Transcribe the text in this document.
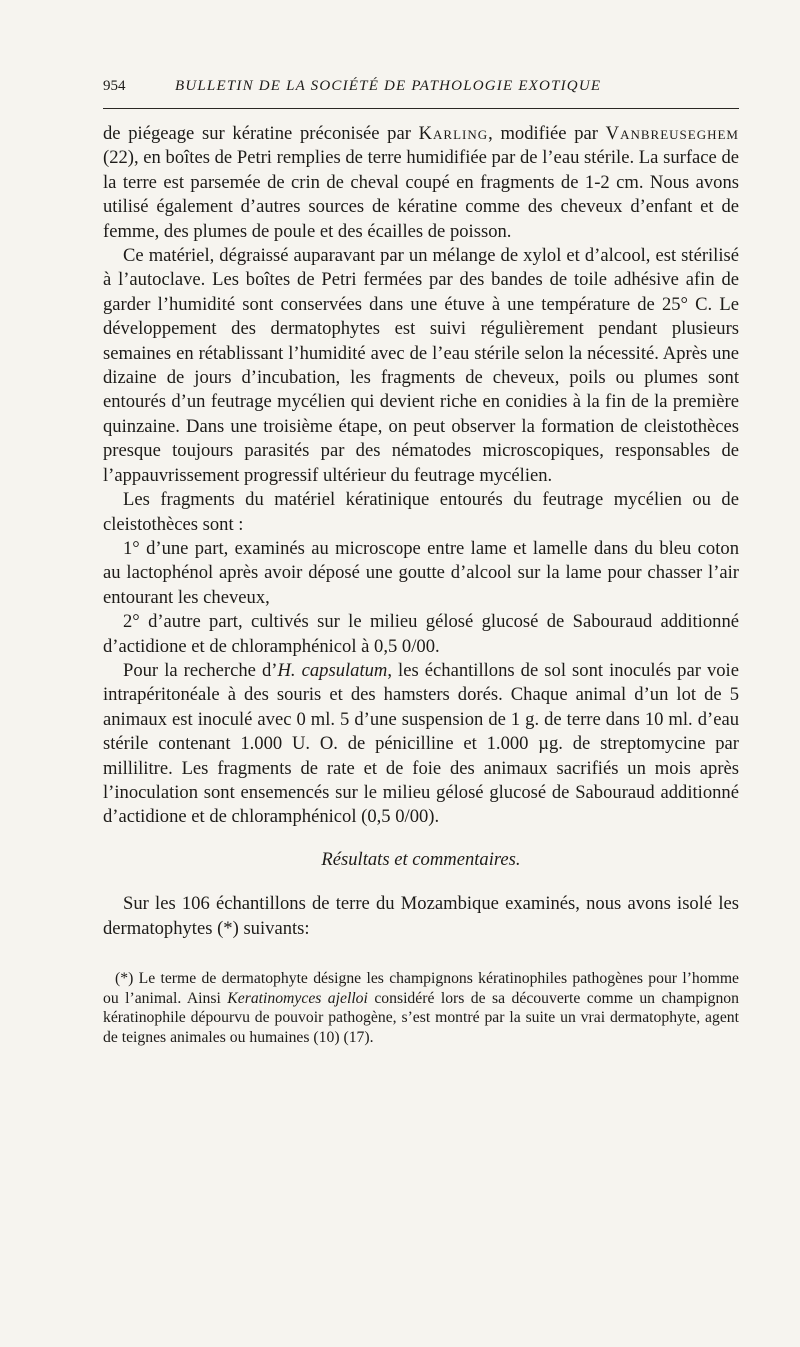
954	BULLETIN DE LA SOCIÉTÉ DE PATHOLOGIE EXOTIQUE

de piégeage sur kératine préconisée par Karling, modifiée par Vanbreuseghem (22), en boîtes de Petri remplies de terre humidifiée par de l’eau stérile. La surface de la terre est parsemée de crin de cheval coupé en fragments de 1-2 cm. Nous avons utilisé également d’autres sources de kératine comme des cheveux d’enfant et de femme, des plumes de poule et des écailles de poisson.

Ce matériel, dégraissé auparavant par un mélange de xylol et d’alcool, est stérilisé à l’autoclave. Les boîtes de Petri fermées par des bandes de toile adhésive afin de garder l’humidité sont conservées dans une étuve à une température de 25° C. Le développement des dermatophytes est suivi régulièrement pendant plusieurs semaines en rétablissant l’humidité avec de l’eau stérile selon la nécessité. Après une dizaine de jours d’incubation, les fragments de cheveux, poils ou plumes sont entourés d’un feutrage mycélien qui devient riche en conidies à la fin de la première quinzaine. Dans une troisième étape, on peut observer la formation de cleistothèces presque toujours parasités par des nématodes microscopiques, responsables de l’appauvrissement progressif ultérieur du feutrage mycélien.

Les fragments du matériel kératinique entourés du feutrage mycélien ou de cleistothèces sont :

1° d’une part, examinés au microscope entre lame et lamelle dans du bleu coton au lactophénol après avoir déposé une goutte d’alcool sur la lame pour chasser l’air entourant les cheveux,

2° d’autre part, cultivés sur le milieu gélosé glucosé de Sabouraud additionné d’actidione et de chloramphénicol à 0,5 0/00.

Pour la recherche d’H. capsulatum, les échantillons de sol sont inoculés par voie intrapéritonéale à des souris et des hamsters dorés. Chaque animal d’un lot de 5 animaux est inoculé avec 0 ml. 5 d’une suspension de 1 g. de terre dans 10 ml. d’eau stérile contenant 1.000 U. O. de pénicilline et 1.000 µg. de streptomycine par millilitre. Les fragments de rate et de foie des animaux sacrifiés un mois après l’inoculation sont ensemencés sur le milieu gélosé glucosé de Sabouraud additionné d’actidione et de chloramphénicol (0,5 0/00).

Résultats et commentaires.

Sur les 106 échantillons de terre du Mozambique examinés, nous avons isolé les dermatophytes (*) suivants:

(*) Le terme de dermatophyte désigne les champignons kératinophiles pathogènes pour l’homme ou l’animal. Ainsi Keratinomyces ajelloi considéré lors de sa découverte comme un champignon kératinophile dépourvu de pouvoir pathogène, s’est montré par la suite un vrai dermatophyte, agent de teignes animales ou humaines (10) (17).
